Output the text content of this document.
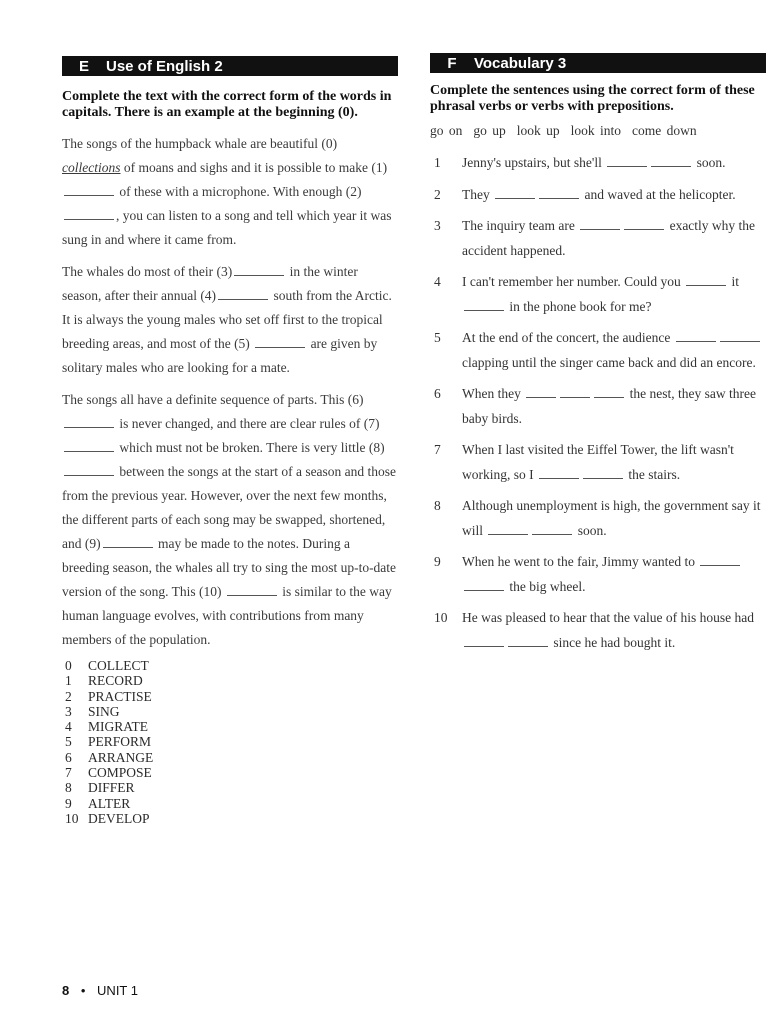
E	Use of English 2
Complete the text with the correct form of the words in capitals. There is an example at the beginning (0).

The songs of the humpback whale are beautiful (0) collections of moans and sighs and it is possible to make (1)  of these with a microphone. With enough (2) , you can listen to a song and tell which year it was sung in and where it came from.

The whales do most of their (3)	in the winter season, after their annual (4)	south from the Arctic. It is always the young males who set off first to the tropical breeding areas, and most of the (5)	are given by solitary males who are looking for a mate.

The songs all have a definite sequence of parts. This (6)  is never changed, and there are clear rules of (7)  which must not be broken. There is very little (8)  between the songs at the start of a season and those from the previous year. However, over the next few months, the different parts of each song may be swapped, shortened, and (9)	may be made to the notes. During a breeding season, the whales all try to sing the most up-to-date version of the song. This (10)	is similar to the way human language evolves, with contributions from many members of the population.

0	COLLECT
1	RECORD
2	PRACTISE
3	SING
4	MIGRATE
5	PERFORM
6	ARRANGE
7	COMPOSE
8	DIFFER
9	ALTER
10 DEVELOP
F	Vocabulary 3
Complete the sentences using the correct form of these phrasal verbs or verbs with prepositions.
go on go up look up look into come down
1	Jenny's upstairs, but she'll	soon.
2	They	and waved at the helicopter.
3	The inquiry team are	exactly why the accident happened.
4	I can't remember her number. Could you	it  in the phone book for me?
5	At the end of the concert, the audience  clapping until the singer came back and did an encore.
6	When they	the nest, they saw three baby birds.
7	When I last visited the Eiffel Tower, the lift wasn't working, so I	the stairs.
8	Although unemployment is high, the government say it will	soon.
9	When he went to the fair, Jimmy wanted to  the big wheel.
10	He was pleased to hear that the value of his house had  since he had bought it.
8 • UNIT 1
